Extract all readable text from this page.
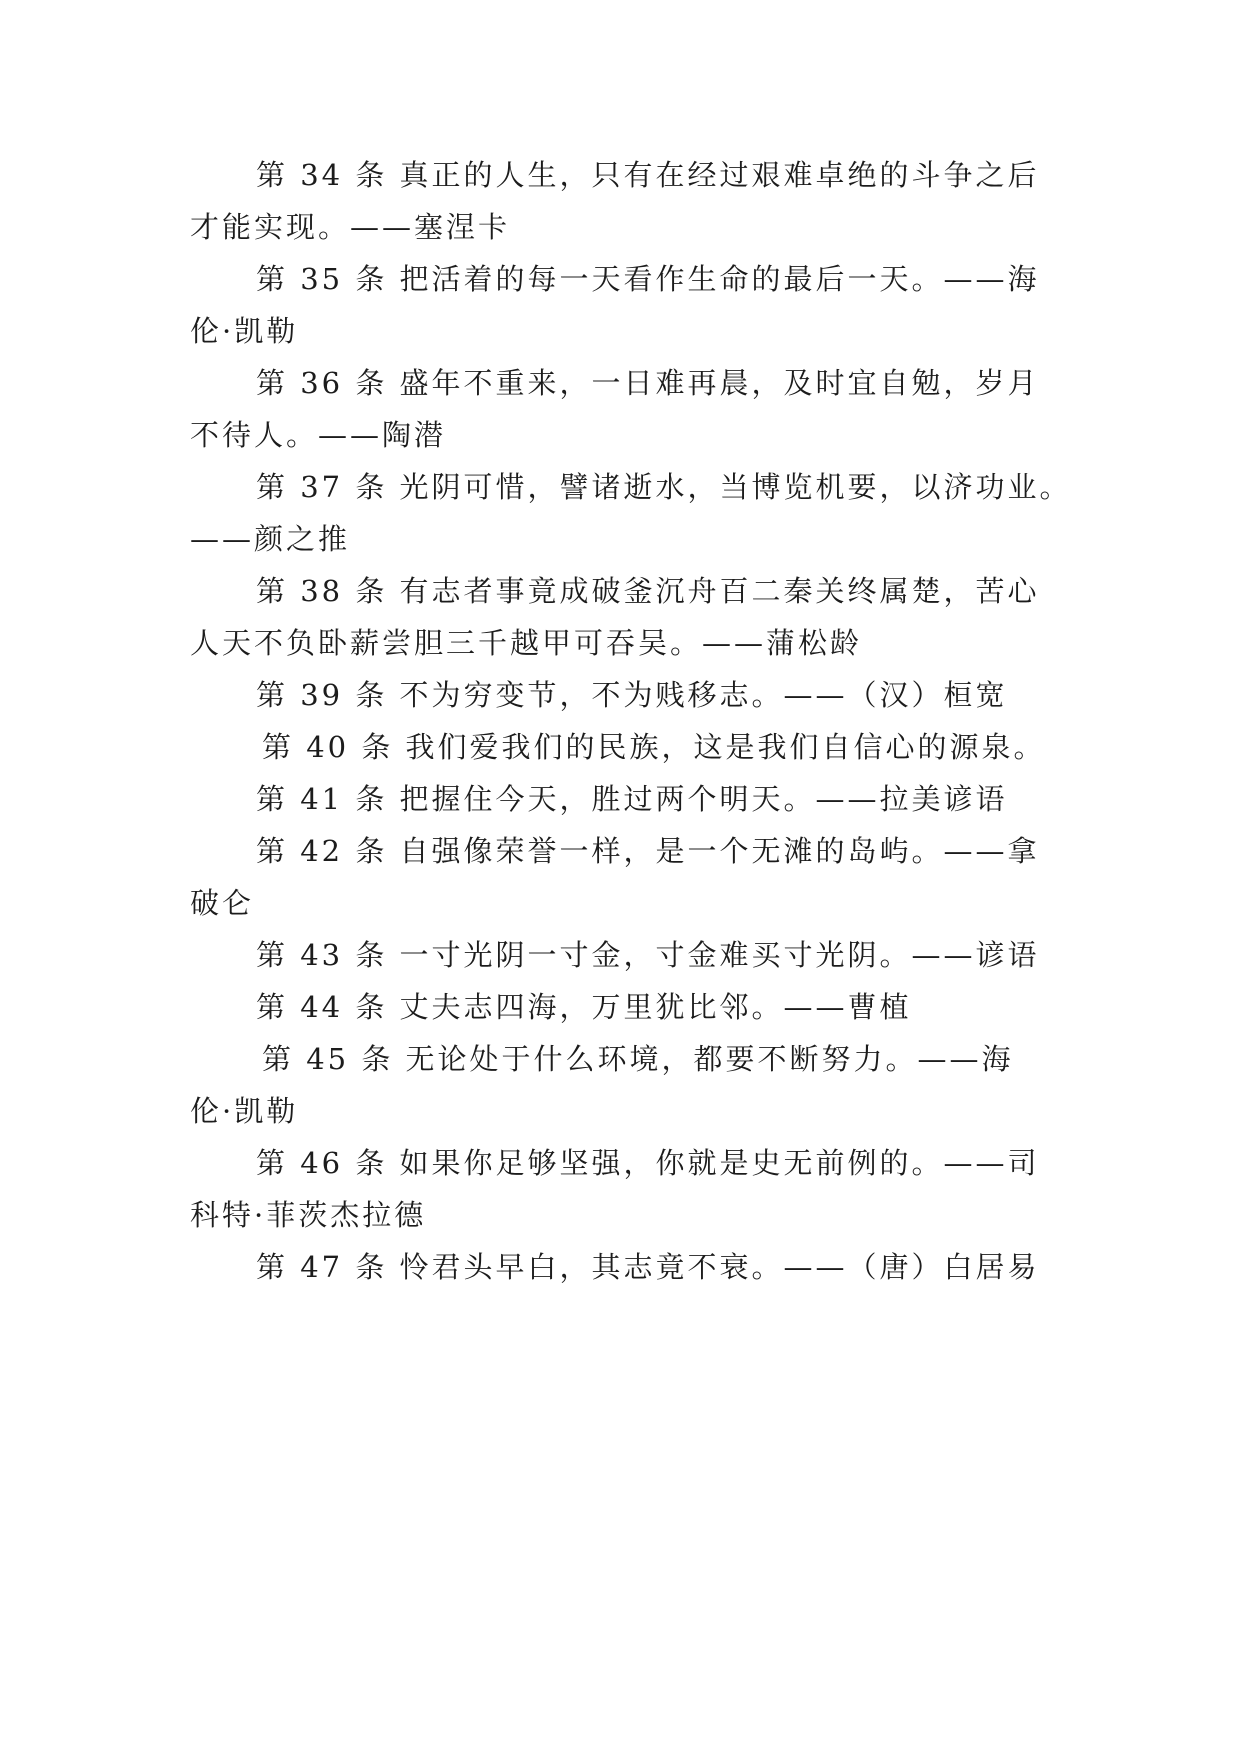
第 34 条 真正的人生，只有在经过艰难卓绝的斗争之后
才能实现。——塞涅卡
第 35 条 把活着的每一天看作生命的最后一天。——海
伦·凯勒
第 36 条 盛年不重来，一日难再晨，及时宜自勉，岁月
不待人。——陶潜
第 37 条 光阴可惜，譬诸逝水，当博览机要，以济功业。
——颜之推
第 38 条 有志者事竟成破釜沉舟百二秦关终属楚，苦心
人天不负卧薪尝胆三千越甲可吞吴。——蒲松龄
第 39 条 不为穷变节，不为贱移志。——（汉）桓宽
第 40 条 我们爱我们的民族，这是我们自信心的源泉。
第 41 条 把握住今天，胜过两个明天。——拉美谚语
第 42 条 自强像荣誉一样，是一个无滩的岛屿。——拿
破仑
第 43 条 一寸光阴一寸金，寸金难买寸光阴。——谚语
第 44 条 丈夫志四海，万里犹比邻。——曹植
第 45 条 无论处于什么环境，都要不断努力。——海
伦·凯勒
第 46 条 如果你足够坚强，你就是史无前例的。——司
科特·菲茨杰拉德
第 47 条 怜君头早白，其志竟不衰。——（唐）白居易
